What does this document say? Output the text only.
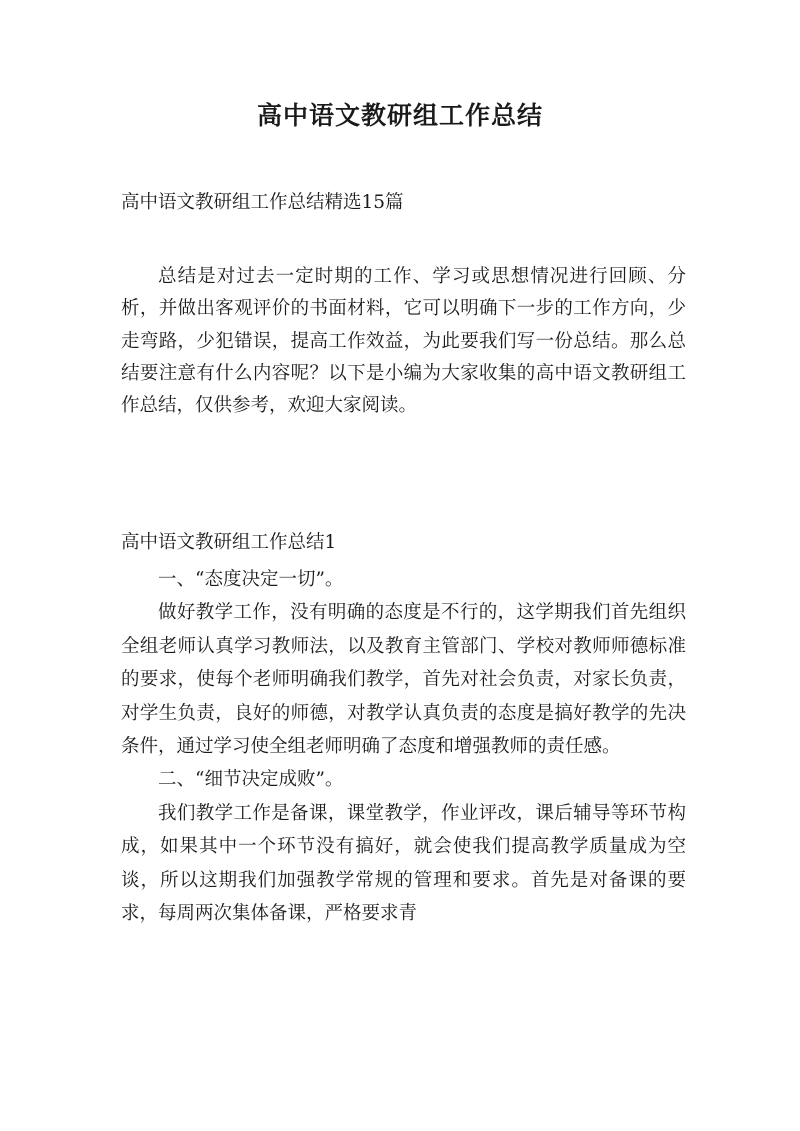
高中语文教研组工作总结
高中语文教研组工作总结精选15篇

总结是对过去一定时期的工作、学习或思想情况进行回顾、分析，并做出客观评价的书面材料，它可以明确下一步的工作方向，少走弯路，少犯错误，提高工作效益，为此要我们写一份总结。那么总结要注意有什么内容呢？以下是小编为大家收集的高中语文教研组工作总结，仅供参考，欢迎大家阅读。

高中语文教研组工作总结1

一、“态度决定一切”。

做好教学工作，没有明确的态度是不行的，这学期我们首先组织全组老师认真学习教师法，以及教育主管部门、学校对教师师德标准的要求，使每个老师明确我们教学，首先对社会负责，对家长负责，对学生负责，良好的师德，对教学认真负责的态度是搞好教学的先决条件，通过学习使全组老师明确了态度和增强教师的责任感。

二、“细节决定成败”。

我们教学工作是备课，课堂教学，作业评改，课后辅导等环节构成，如果其中一个环节没有搞好，就会使我们提高教学质量成为空谈，所以这期我们加强教学常规的管理和要求。首先是对备课的要求，每周两次集体备课，严格要求青
